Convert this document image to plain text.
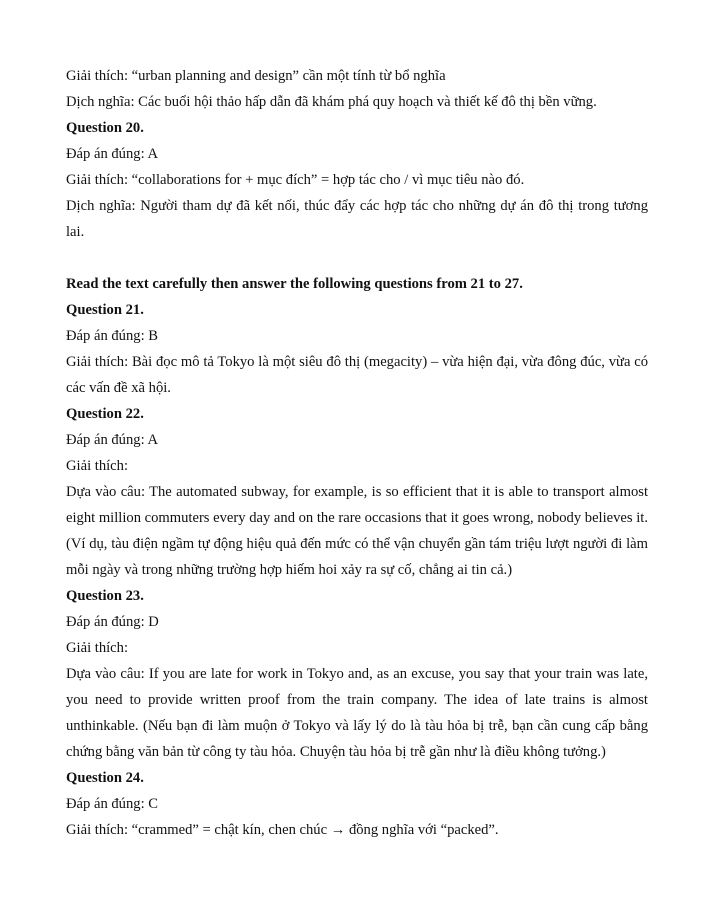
Giải thích: “urban planning and design” cần một tính từ bổ nghĩa
Dịch nghĩa: Các buổi hội thảo hấp dẫn đã khám phá quy hoạch và thiết kế đô thị bền vững.
Question 20.
Đáp án đúng: A
Giải thích: “collaborations for + mục đích” = hợp tác cho / vì mục tiêu nào đó.
Dịch nghĩa: Người tham dự đã kết nối, thúc đẩy các hợp tác cho những dự án đô thị trong tương lai.
Read the text carefully then answer the following questions from 21 to 27.
Question 21.
Đáp án đúng: B
Giải thích: Bài đọc mô tả Tokyo là một siêu đô thị (megacity) – vừa hiện đại, vừa đông đúc, vừa có các vấn đề xã hội.
Question 22.
Đáp án đúng: A
Giải thích:
Dựa vào câu: The automated subway, for example, is so efficient that it is able to transport almost eight million commuters every day and on the rare occasions that it goes wrong, nobody believes it. (Ví dụ, tàu điện ngầm tự động hiệu quả đến mức có thể vận chuyển gần tám triệu lượt người đi làm mỗi ngày và trong những trường hợp hiếm hoi xảy ra sự cố, chẳng ai tin cả.)
Question 23.
Đáp án đúng: D
Giải thích:
Dựa vào câu: If you are late for work in Tokyo and, as an excuse, you say that your train was late, you need to provide written proof from the train company. The idea of late trains is almost unthinkable. (Nếu bạn đi làm muộn ở Tokyo và lấy lý do là tàu hỏa bị trễ, bạn cần cung cấp bằng chứng bằng văn bản từ công ty tàu hỏa. Chuyện tàu hỏa bị trễ gần như là điều không tưởng.)
Question 24.
Đáp án đúng: C
Giải thích: “crammed” = chật kín, chen chúc → đồng nghĩa với “packed”.
